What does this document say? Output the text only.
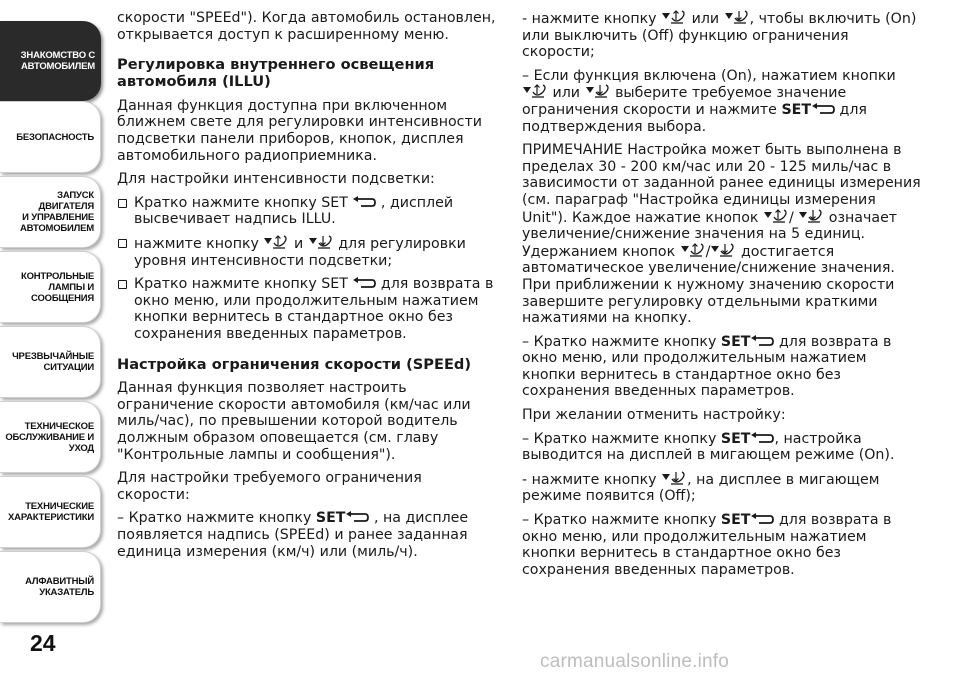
ЗНАКОМСТВО С
АВТОМОБИЛЕМ
БЕЗОПАСНОСТЬ
ЗАПУСК ДВИГАТЕЛЯ
И УПРАВЛЕНИЕ
АВТОМОБИЛЕМ
КОНТРОЛЬНЫЕ
ЛАМПЫ И
СООБЩЕНИЯ
ЧРЕЗВЫЧАЙНЫЕ
СИТУАЦИИ
ТЕХНИЧЕСКОЕ
ОБСЛУЖИВАНИЕ И
УХОД
ТЕХНИЧЕСКИЕ
ХАРАКТЕРИСТИКИ
АЛФАВИТНЫЙ
УКАЗАТЕЛЬ
24

скорости "SPEEd"). Когда автомобиль остановлен, открывается доступ к расширенному меню.

Регулировка внутреннего освещения автомобиля (ILLU)

Данная функция доступна при включенном ближнем свете для регулировки интенсивности подсветки панели приборов, кнопок, дисплея автомобильного радиоприемника.

Для настройки интенсивности подсветки:

Кратко нажмите кнопку SET , дисплей высвечивает надпись ILLU.
нажмите кнопку и для регулировки уровня интенсивности подсветки;
Кратко нажмите кнопку SET для возврата в окно меню, или продолжительным нажатием кнопки вернитесь в стандартное окно без сохранения введенных параметров.
Настройка ограничения скорости (SPEEd)

Данная функция позволяет настроить ограничение скорости автомобиля (км/час или миль/час), по превышении которой водитель должным образом оповещается (см. главу "Контрольные лампы и сообщения").

Для настройки требуемого ограничения скорости:

– Кратко нажмите кнопку SET , на дисплее появляется надпись (SPEEd) и ранее заданная единица измерения (км/ч) или (миль/ч).

- нажмите кнопку или , чтобы включить (On) или выключить (Off) функцию ограничения скорости;

– Если функция включена (On), нажатием кнопки  или выберите требуемое значение ограничения скорости и нажмите SET для подтверждения выбора.

ПРИМЕЧАНИЕ Настройка может быть выполнена в пределах 30 - 200 км/час или 20 - 125 миль/час в зависимости от заданной ранее единицы измерения (см. параграф "Настройка единицы измерения Unit"). Каждое нажатие кнопок / означает увеличение/снижение значения на 5 единиц. Удержанием кнопок / достигается автоматическое увеличение/снижение значения. При приближении к нужному значению скорости завершите регулировку отдельными краткими нажатиями на кнопку.

– Кратко нажмите кнопку SET для возврата в окно меню, или продолжительным нажатием кнопки вернитесь в стандартное окно без сохранения введенных параметров.

При желании отменить настройку:

– Кратко нажмите кнопку SET , настройка выводится на дисплей в мигающем режиме (On).

- нажмите кнопку , на дисплее в мигающем режиме появится (Off);

– Кратко нажмите кнопку SET для возврата в окно меню, или продолжительным нажатием кнопки вернитесь в стандартное окно без сохранения введенных параметров.

carmanualsonline.info
